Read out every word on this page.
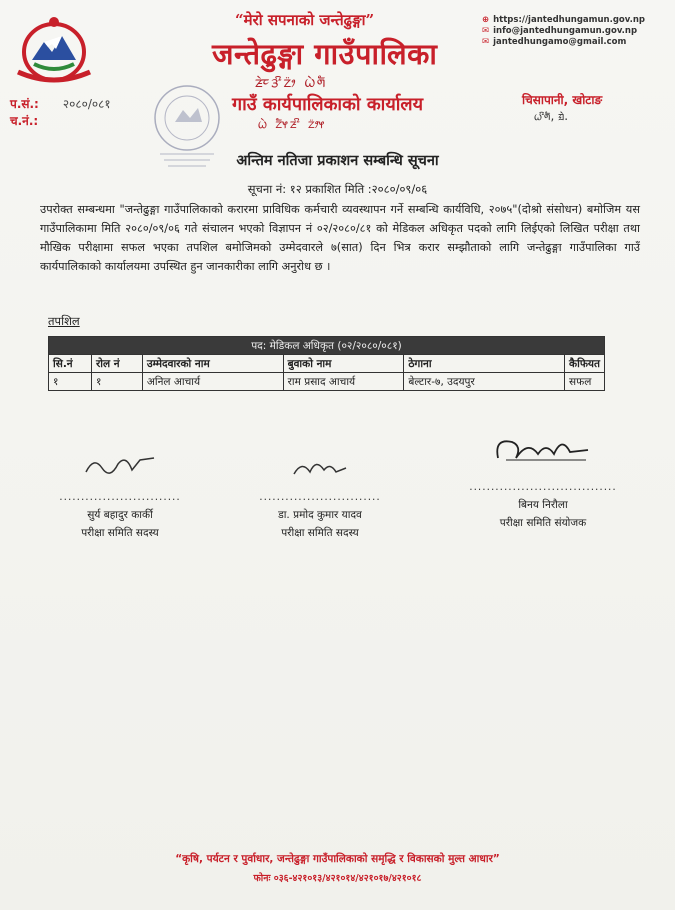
“मेरो सपनाको जन्तेढुङ्गा”
जन्तेढुङ्गा गाउँपालिका
ᤏᤧᤰᤋᤡᤁ᤺ᤣ ᤐᤧᤛᤠ
गाउँ कार्यपालिकाको कार्यालय
ᤐᤧ ᤁ᤺ᤠᤶᤏᤡ ᤁ᤺ᤣᤶ
⊕ https://jantedhungamun.gov.np
✉ info@jantedhungamun.gov.np
✉ jantedhungamo@gmail.com
प.सं.: २०८०/०८१
च.नं.:
चिसापानी, खोटाङ
ᤐᤡᤛᤠ, ᤀᤧ.
अन्तिम नतिजा प्रकाशन सम्बन्धि सूचना
सूचना नं: १२ प्रकाशित मिति :२०८०/०९/०६
उपरोक्त सम्बन्धमा "जन्तेढुङ्गा गाउँपालिकाको करारमा प्राविधिक कर्मचारी व्यवस्थापन गर्ने सम्बन्धि कार्यविधि, २०७५"(दोश्रो संसोधन) बमोजिम यस गाउँपालिकामा मिति २०८०/०९/०६ गते संचालन भएको विज्ञापन नं ०२/२०८०/८१ को मेडिकल अधिकृत पदको लागि लिईएको लिखित परीक्षा तथा मौखिक परीक्षामा सफल भएका तपशिल बमोजिमको उम्मेदवारले ७(सात) दिन भित्र करार सम्झौताको लागि जन्तेढुङ्गा गाउँपालिका गाउँ कार्यपालिकाको कार्यालयमा उपस्थित हुन जानकारीका लागि अनुरोध छ ।
तपशिल
पद: मेडिकल अधिकृत (०२/२०८०/०८१)					
सि.नं	रोल नं	उम्मेदवारको नाम	बुवाको नाम	ठेगाना	कैफियत
१	१	अनिल आचार्य	राम प्रसाद आचार्य	बेल्टार-७, उदयपुर	सफल
............................
सुर्य बहादुर कार्की
परीक्षा समिति सदस्य
............................
डा. प्रमोद कुमार यादव
परीक्षा समिति सदस्य
..................................
बिनय निरौला
परीक्षा समिति संयोजक
“कृषि, पर्यटन र पुर्वाधार, जन्तेढुङ्गा गाउँपालिकाको समृद्धि र विकासको मुल्त आधार”
फोनः ०३६-४२१०१३/४२१०१४/४२१०१७/४२१०१८
